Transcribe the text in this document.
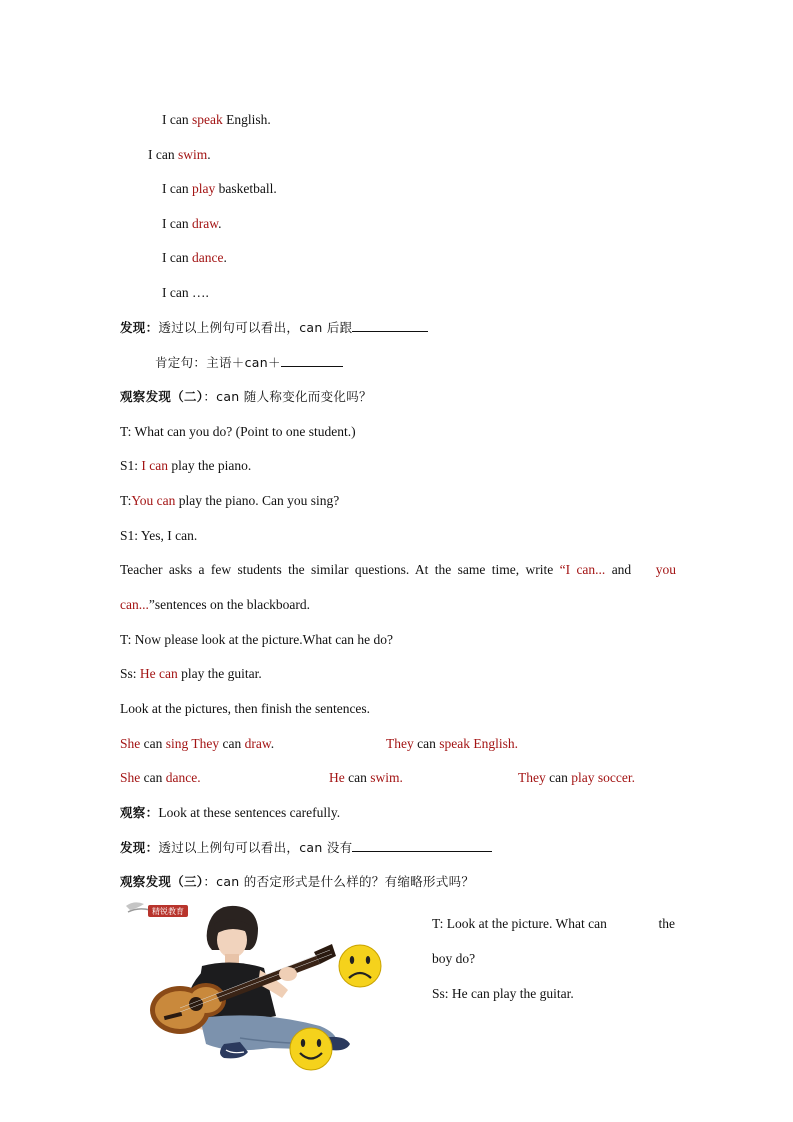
I can speak English.
I can swim.
I can play basketball.
I can draw.
I can dance.
I can ….
发现：透过以上例句可以看出，can 后跟
肯定句：主语＋can＋
观察发现（二）：can 随人称变化而变化吗？
T: What can you do? (Point to one student.)
S1: I can play the piano.
T:You can play the piano. Can you sing?
S1: Yes, I can.
Teacher asks a few students the similar questions. At the same time, write “I can... and you
can...”sentences on the blackboard.
T: Now please look at the picture.What can he do?
Ss: He can play the guitar.
Look at the pictures, then finish the sentences.
She can sing They can draw.	They can speak English.
She can dance.	He can swim.	They can play soccer.
观察：Look at these sentences carefully.
发现：透过以上例句可以看出，can 没有
观察发现（三）：can 的否定形式是什么样的？有缩略形式吗？
精锐教育
T: Look at the picture. What can	the
boy do?
Ss: He can play the guitar.
